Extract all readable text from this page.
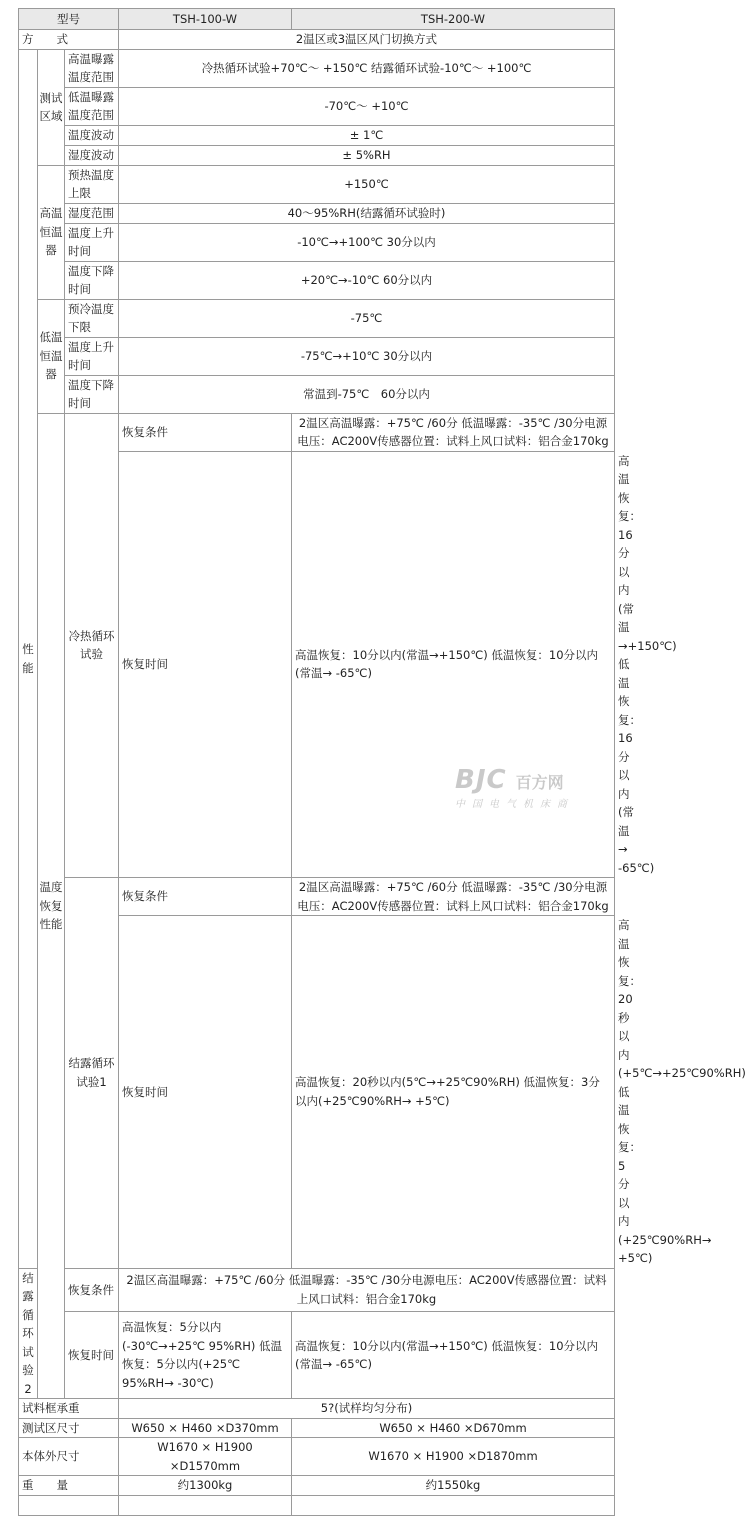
型号			TSH-100-W	TSH-200-W	
方　　式			2温区或3温区风门切换方式		
性能	测试区域	高温曝露温度范围	冷热循环试验+70℃～ +150℃ 结露循环试验-10℃～ +100℃		
		低温曝露温度范围	-70℃～ +10℃		
		温度波动	± 1℃		
		湿度波动	± 5%RH		
	高温恒温器	预热温度上限	+150℃		
		湿度范围	40～95%RH(结露循环试验时)		
		温度上升时间	-10℃→+100℃ 30分以内		
		温度下降时间	+20℃→-10℃ 60分以内		
	低温恒温器	预冷温度下限	-75℃		
		温度上升时间	-75℃→+10℃ 30分以内		
		温度下降时间	常温到-75℃　60分以内		
	温度恢复性能	冷热循环试验	恢复条件	2温区高温曝露：+75℃ /60分 低温曝露：-35℃ /30分电源电压：AC200V传感器位置：试料上风口试料：铝合金170kg	
			恢复时间	高温恢复：10分以内(常温→+150℃) 低温恢复：10分以内(常温→ -65℃)	高温恢复：16分以内(常温→+150℃) 低温恢复：16分以内(常温→ -65℃)
		结露循环试验1	恢复条件	2温区高温曝露：+75℃ /60分 低温曝露：-35℃ /30分电源电压：AC200V传感器位置：试料上风口试料：铝合金170kg	
			恢复时间	高温恢复：20秒以内(5℃→+25℃90%RH) 低温恢复：3分以内(+25℃90%RH→ +5℃)	高温恢复：20秒以内(+5℃→+25℃90%RH) 低温恢复：5分以内(+25℃90%RH→ +5℃)
结露循环试验2		恢复条件	2温区高温曝露：+75℃ /60分 低温曝露：-35℃ /30分电源电压：AC200V传感器位置：试料上风口试料：铝合金170kg		
		恢复时间	高温恢复：5分以内(-30℃→+25℃ 95%RH) 低温恢复：5分以内(+25℃ 95%RH→ -30℃)	高温恢复：10分以内(常温→+150℃) 低温恢复：10分以内(常温→ -65℃)	
试料框承重			5?(试样均匀分布)		
测试区尺寸			W650 × H460 ×D370mm	W650 × H460 ×D670mm	
本体外尺寸			W1670 × H1900 ×D1570mm	W1670 × H1900 ×D1870mm	
重　　量			约1300kg	约1550kg	

BJC 百方网
中国电气机床商
